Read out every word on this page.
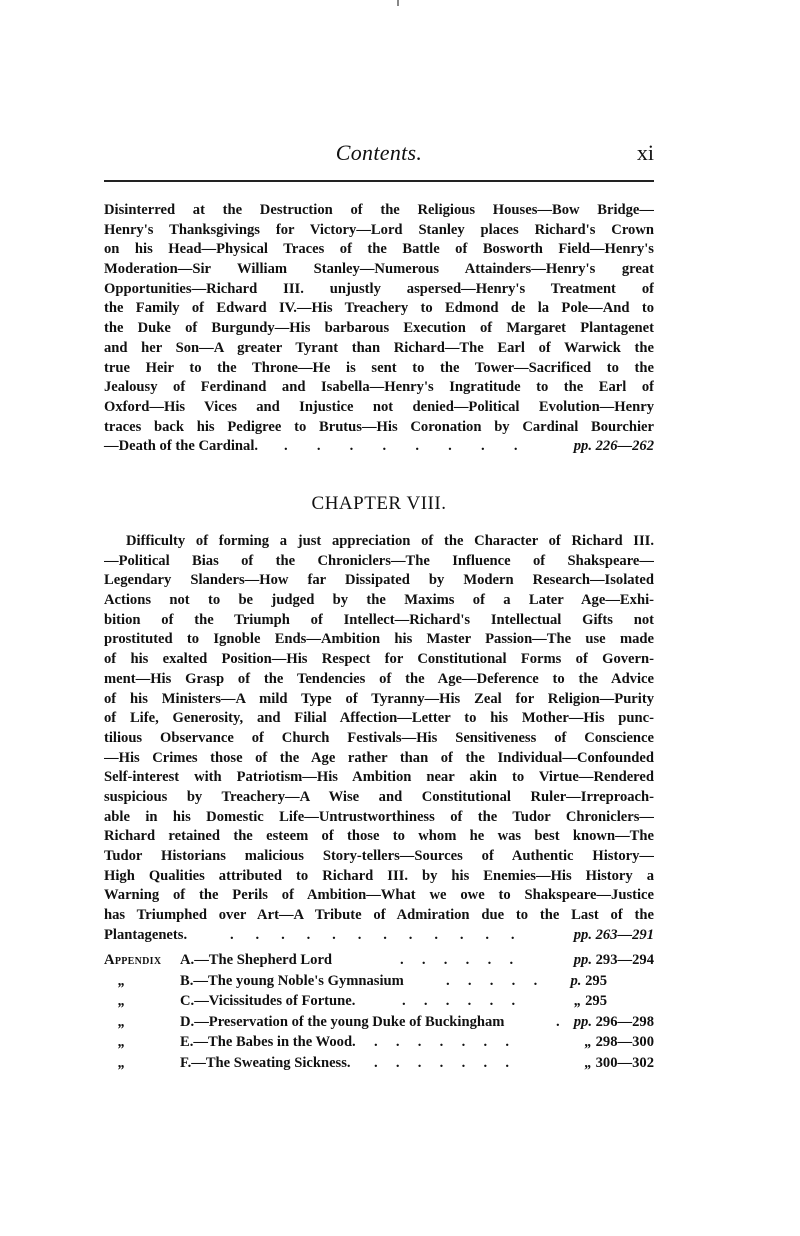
Contents.	xi
Disinterred at the Destruction of the Religious Houses—Bow Bridge—
Henry's Thanksgivings for Victory—Lord Stanley places Richard's Crown
on his Head—Physical Traces of the Battle of Bosworth Field—Henry's
Moderation—Sir William Stanley—Numerous Attainders—Henry's great
Opportunities—Richard III. unjustly aspersed—Henry's Treatment of
the Family of Edward IV.—His Treachery to Edmond de la Pole—And to
the Duke of Burgundy—His barbarous Execution of Margaret Plantagenet
and her Son—A greater Tyrant than Richard—The Earl of Warwick the
true Heir to the Throne—He is sent to the Tower—Sacrificed to the
Jealousy of Ferdinand and Isabella—Henry's Ingratitude to the Earl of
Oxford—His Vices and Injustice not denied—Political Evolution—Henry
traces back his Pedigree to Brutus—His Coronation by Cardinal Bourchier
—Death of the Cardinal. .        .        .        .        .        .        .        .	pp. 226—262
CHAPTER VIII.
Difficulty of forming a just appreciation of the Character of Richard III.
—Political Bias of the Chroniclers—The Influence of Shakspeare—
Legendary Slanders—How far Dissipated by Modern Research—Isolated
Actions not to be judged by the Maxims of a Later Age—Exhi-
bition of the Triumph of Intellect—Richard's Intellectual Gifts not
prostituted to Ignoble Ends—Ambition his Master Passion—The use made
of his exalted Position—His Respect for Constitutional Forms of Govern-
ment—His Grasp of the Tendencies of the Age—Deference to the Advice
of his Ministers—A mild Type of Tyranny—His Zeal for Religion—Purity
of Life, Generosity, and Filial Affection—Letter to his Mother—His punc-
tilious Observance of Church Festivals—His Sensitiveness of Conscience
—His Crimes those of the Age rather than of the Individual—Confounded
Self-interest with Patriotism—His Ambition near akin to Virtue—Rendered
suspicious by Treachery—A Wise and Constitutional Ruler—Irreproach-
able in his Domestic Life—Untrustworthiness of the Tudor Chroniclers—
Richard retained the esteem of those to whom he was best known—The
Tudor Historians malicious Story-tellers—Sources of Authentic History—
High Qualities attributed to Richard III. by his Enemies—His History a
Warning of the Perils of Ambition—What we owe to Shakspeare—Justice
has Triumphed over Art—A Tribute of Admiration due to the Last of the
Plantagenets.	.      .      .      .      .      .      .      .      .      .      .      .	pp. 263—291
Appendix A.—The Shepherd Lord	.     .     .     .     .     .	pp. 293—294
„	B.—The young Noble's Gymnasium	.     .     .     .     . p. 295
„	C.—Vicissitudes of Fortune.	.     .     .     .     .     .	„ 295
„	D.—Preservation of the young Duke of Buckingham	. pp. 296—298
„	E.—The Babes in the Wood. .     .     .     .     .     .     .	„ 298—300
„	F.—The Sweating Sickness. .     .     .     .     .     .     .	„ 300—302
